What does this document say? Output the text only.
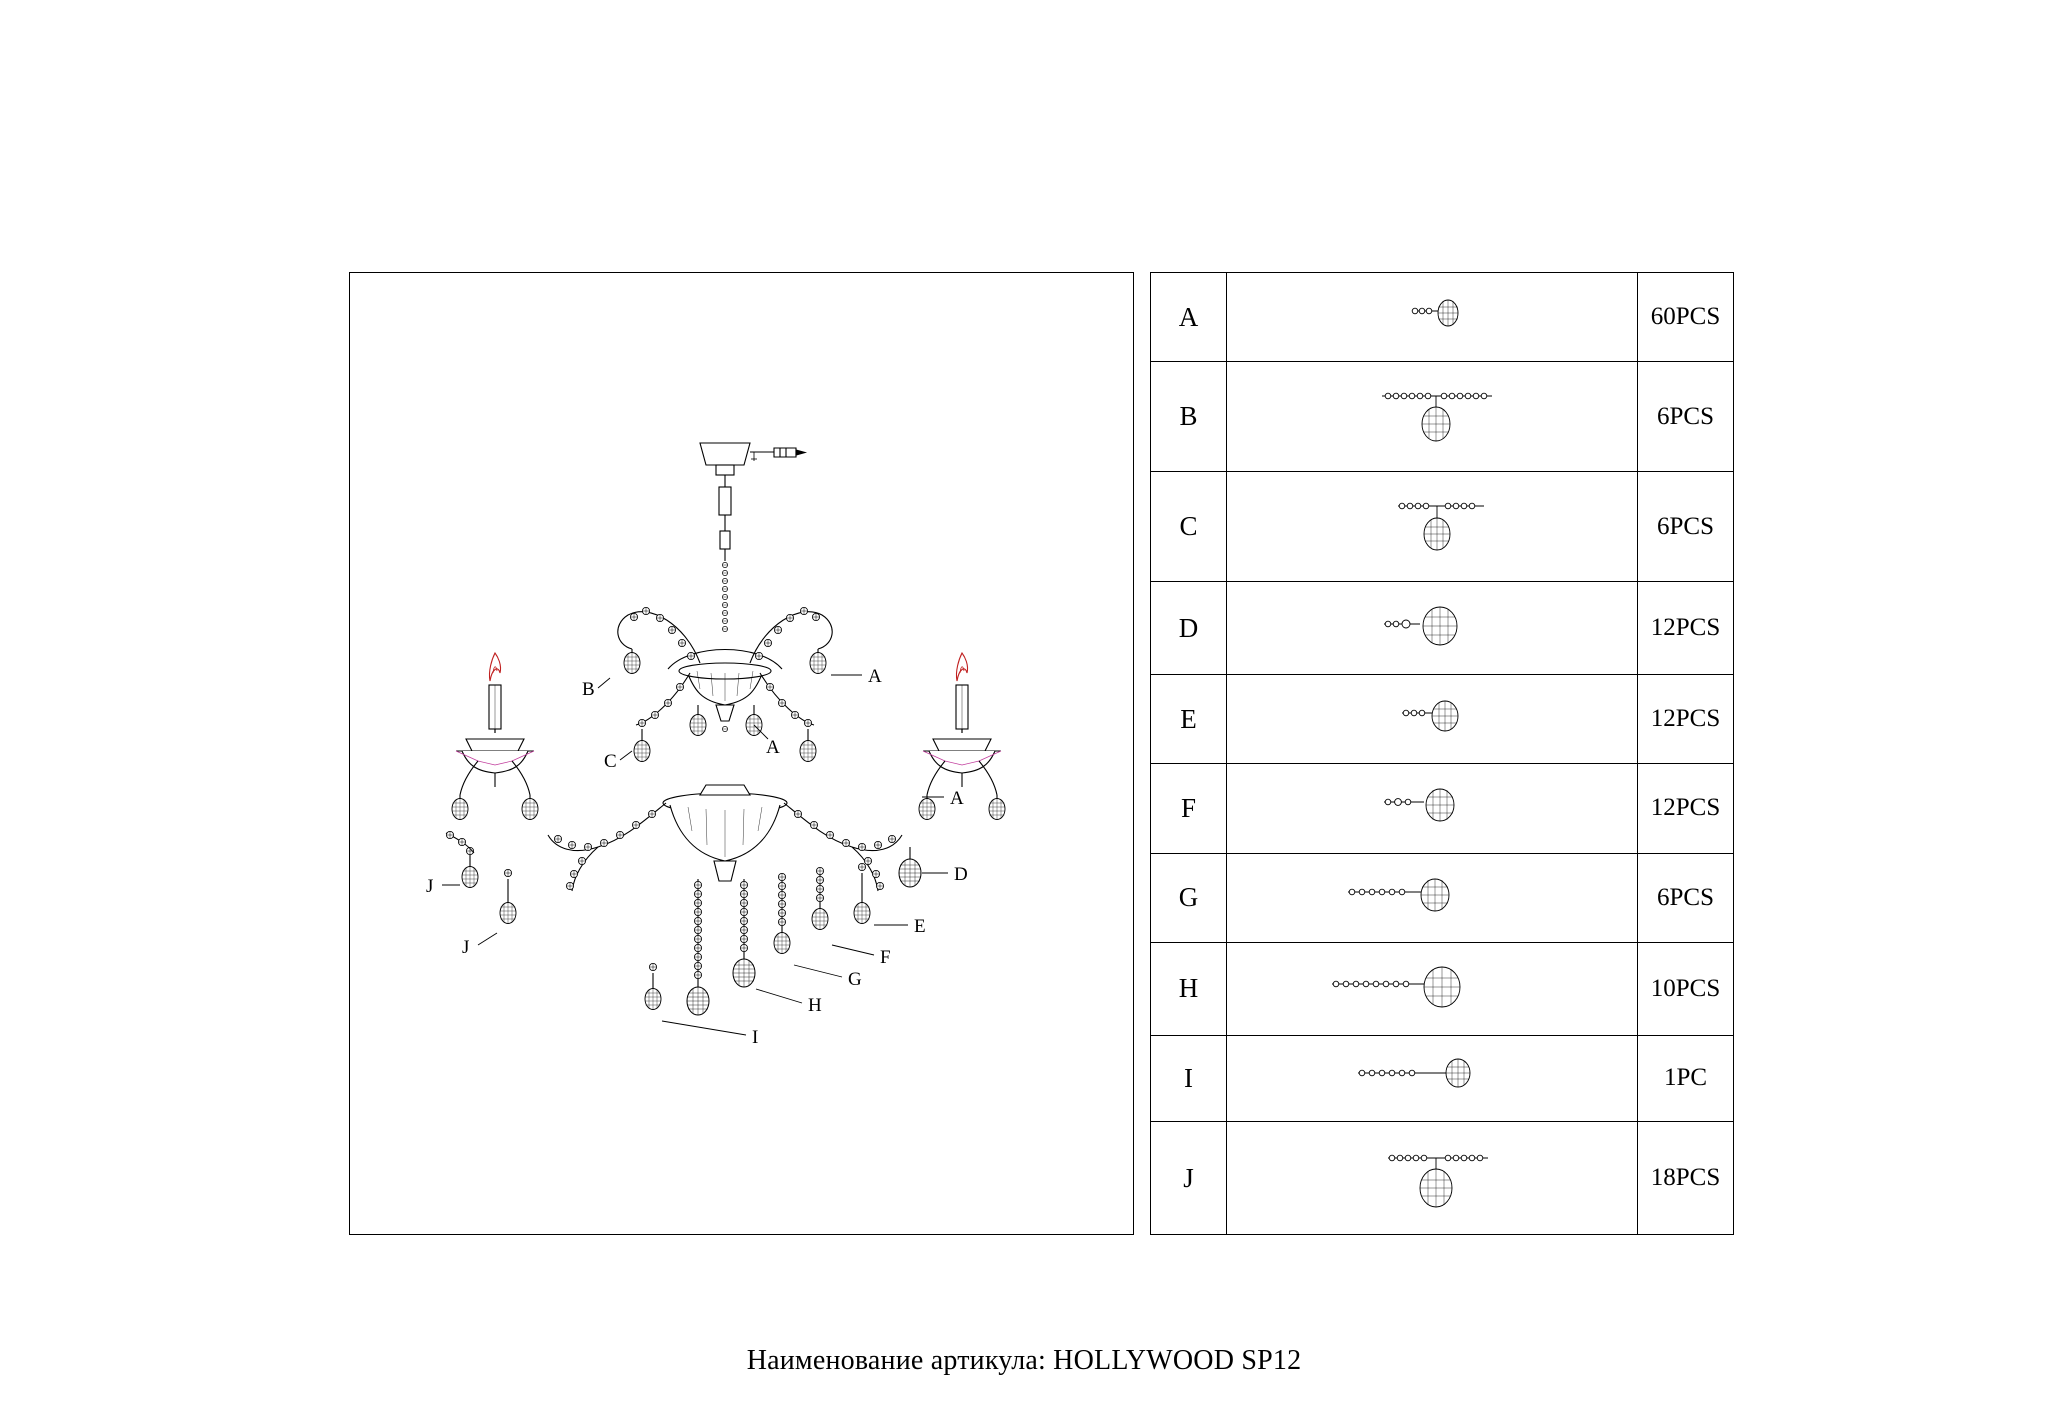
A
B
C
A
A
D
E
F
G
H
I
J
J
A		60PCS
B		6PCS
C		6PCS
D		12PCS
E		12PCS
F		12PCS
G		6PCS
H		10PCS
I		1PC
J		18PCS
Наименование артикула: HOLLYWOOD SP12
